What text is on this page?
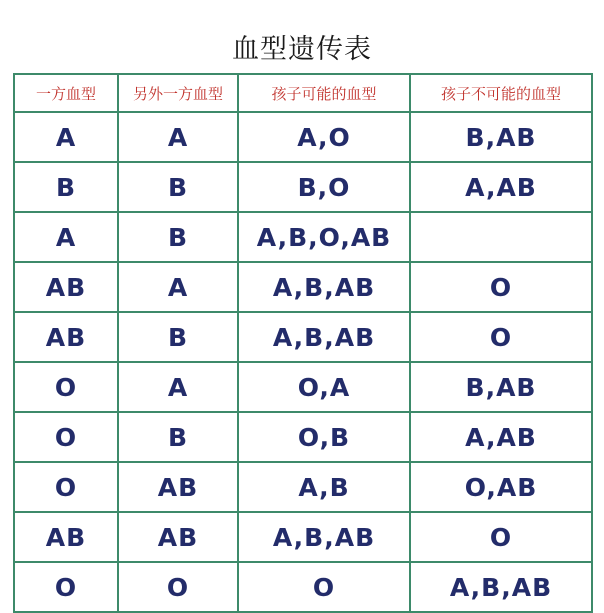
血型遗传表
一方血型	另外一方血型	孩子可能的血型	孩子不可能的血型
A	A	A,O	B,AB
B	B	B,O	A,AB
A	B	A,B,O,AB	
AB	A	A,B,AB	O
AB	B	A,B,AB	O
O	A	O,A	B,AB
O	B	O,B	A,AB
O	AB	A,B	O,AB
AB	AB	A,B,AB	O
O	O	O	A,B,AB
